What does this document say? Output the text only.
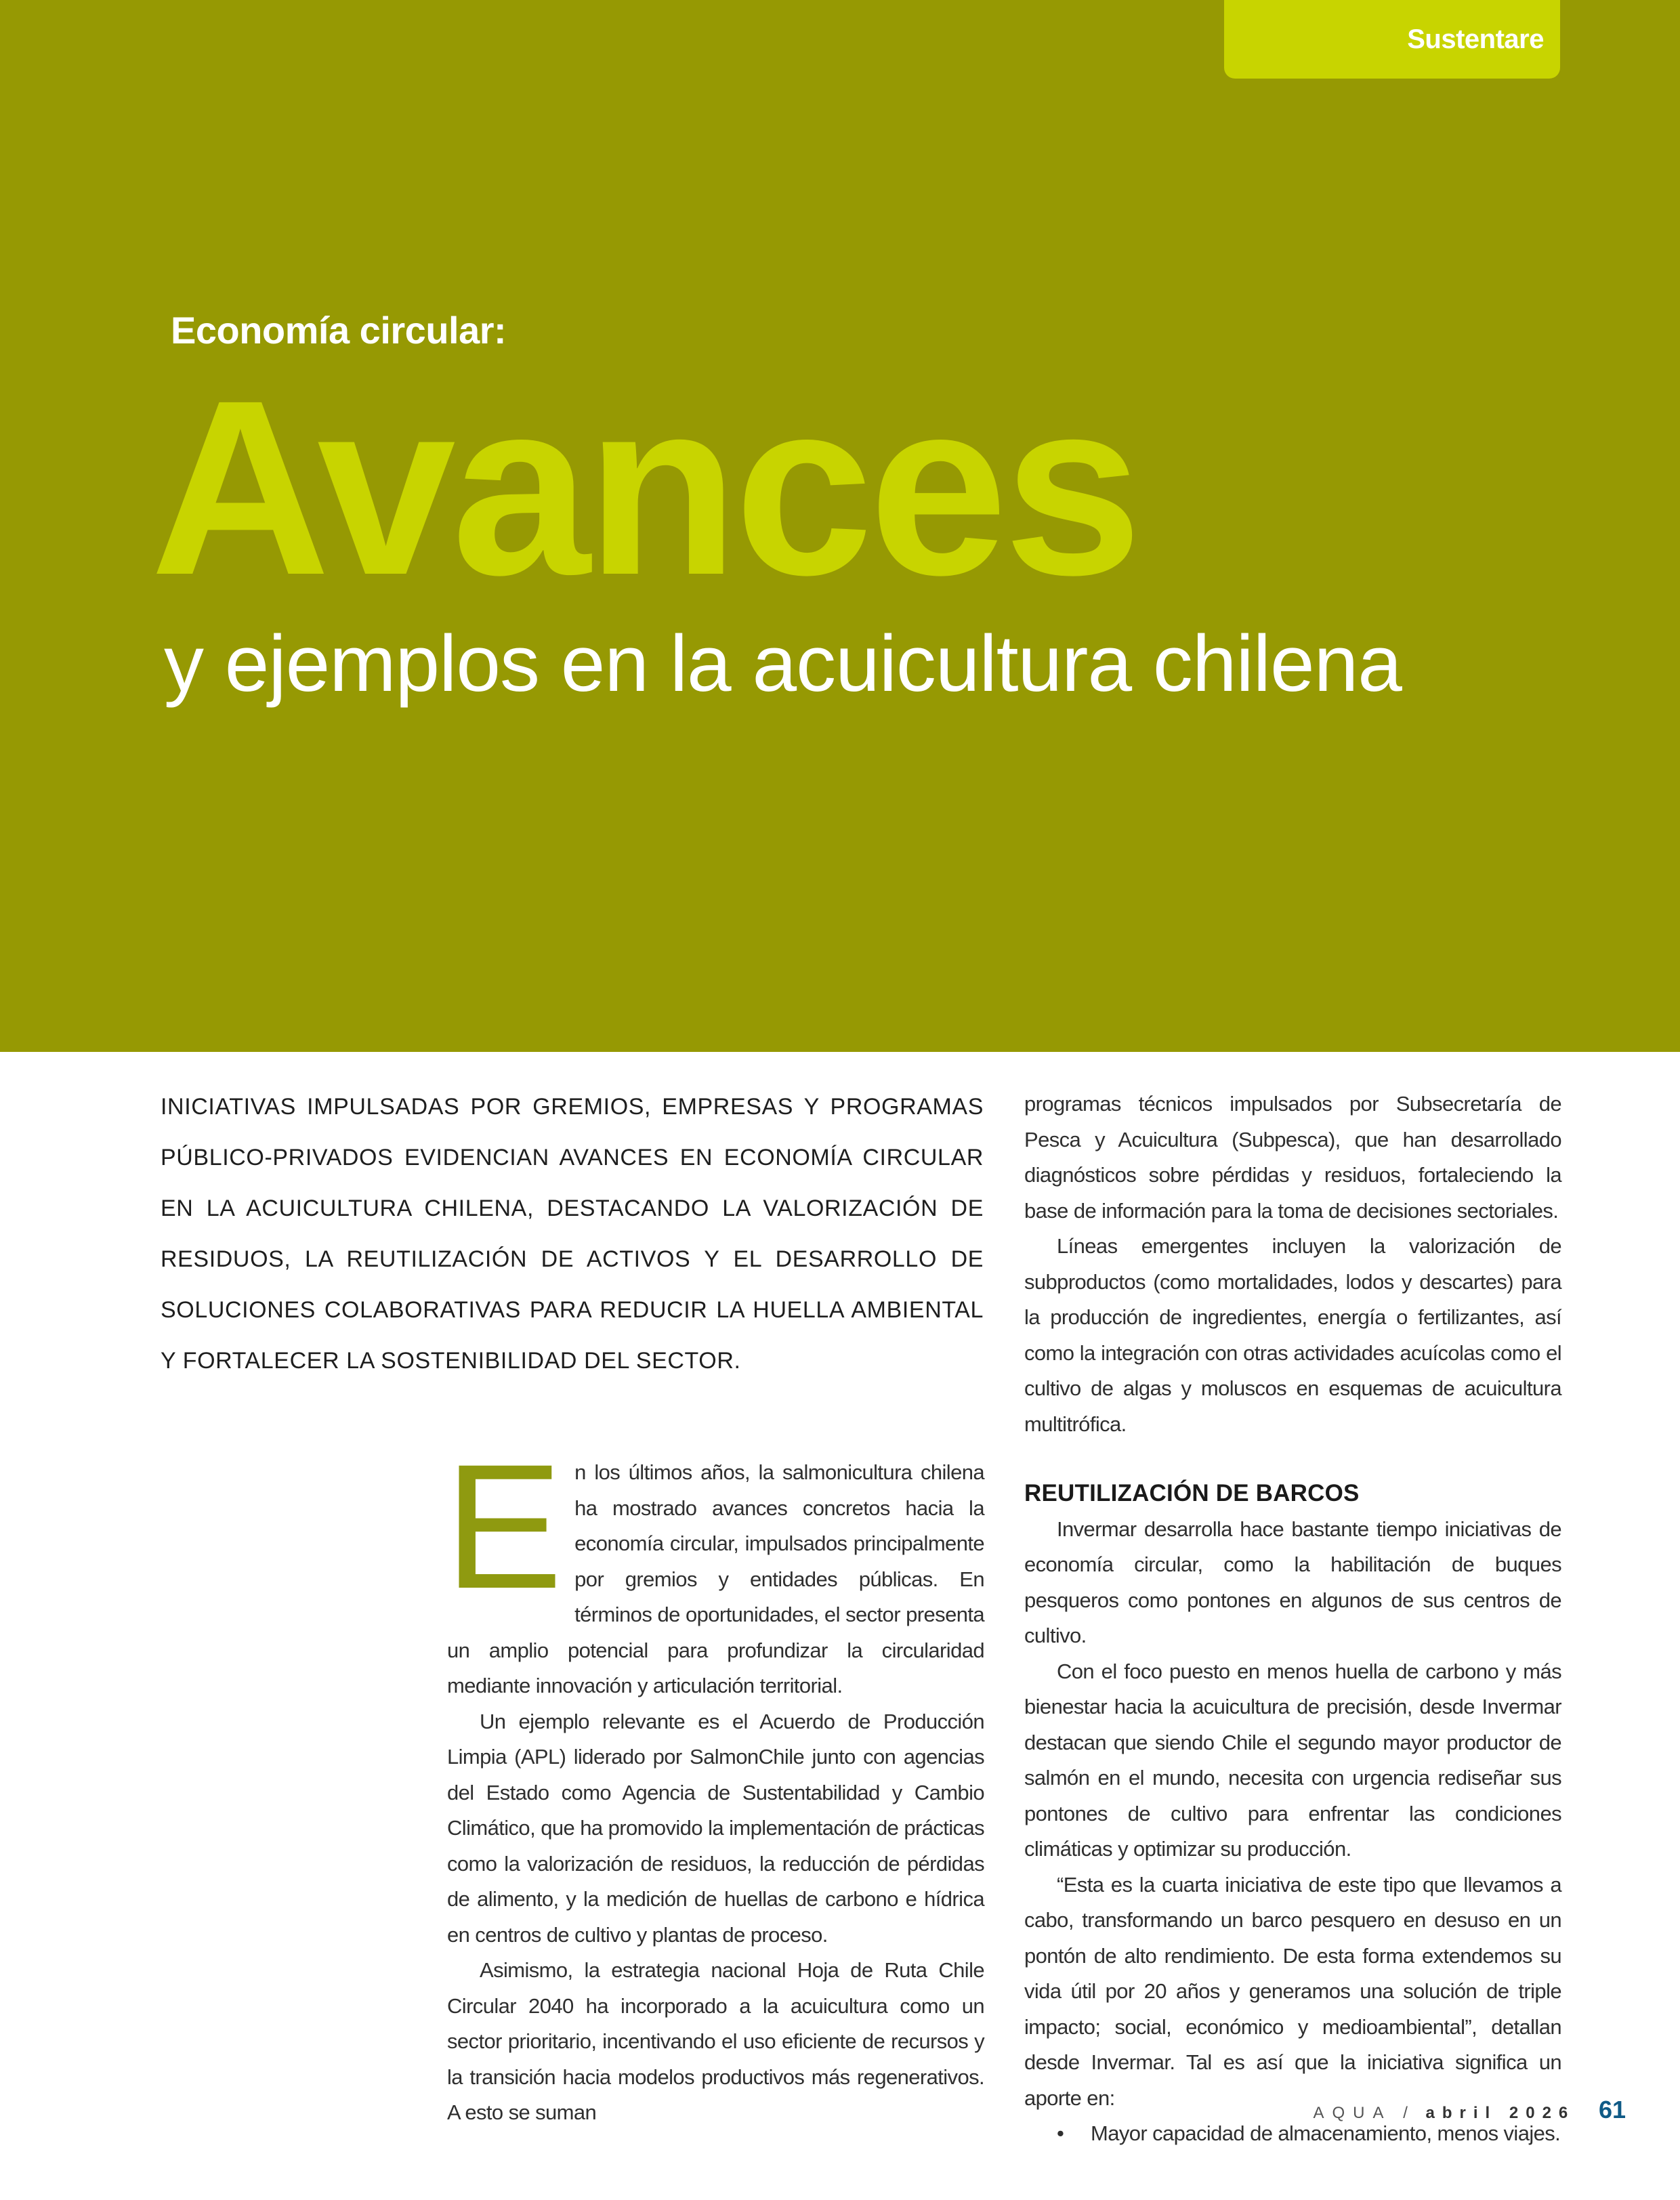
Sustentare
Economía circular:
Avances
y ejemplos en la acuicultura chilena
INICIATIVAS IMPULSADAS POR GREMIOS, EMPRESAS Y PROGRAMAS PÚBLICO-PRIVADOS EVIDENCIAN AVANCES EN ECONOMÍA CIRCULAR EN LA ACUICULTURA CHILENA, DESTACANDO LA VALORIZACIÓN DE RESIDUOS, LA REUTILIZACIÓN DE ACTIVOS Y EL DESARROLLO DE SOLUCIONES COLABORATIVAS PARA REDUCIR LA HUELLA AMBIENTAL Y FORTALECER LA SOSTENIBILIDAD DEL SECTOR.

En los últimos años, la salmonicultura chilena ha mostrado avances concretos hacia la economía circular, impulsados principalmente por gremios y entidades públicas. En términos de oportunidades, el sector presenta un amplio potencial para profundizar la circularidad mediante innovación y articulación territorial.

Un ejemplo relevante es el Acuerdo de Producción Limpia (APL) liderado por SalmonChile junto con agencias del Estado como Agencia de Sustentabilidad y Cambio Climático, que ha promovido la implementación de prácticas como la valorización de residuos, la reducción de pérdidas de alimento, y la medición de huellas de carbono e hídrica en centros de cultivo y plantas de proceso.

Asimismo, la estrategia nacional Hoja de Ruta Chile Circular 2040 ha incorporado a la acuicultura como un sector prioritario, incentivando el uso eficiente de recursos y la transición hacia modelos productivos más regenerativos. A esto se suman

programas técnicos impulsados por Subsecretaría de Pesca y Acuicultura (Subpesca), que han desarrollado diagnósticos sobre pérdidas y residuos, fortaleciendo la base de información para la toma de decisiones sectoriales.

Líneas emergentes incluyen la valorización de subproductos (como mortalidades, lodos y descartes) para la producción de ingredientes, energía o fertilizantes, así como la integración con otras actividades acuícolas como el cultivo de algas y moluscos en esquemas de acuicultura multitrófica.

REUTILIZACIÓN DE BARCOS

Invermar desarrolla hace bastante tiempo iniciativas de economía circular, como la habilitación de buques pesqueros como pontones en algunos de sus centros de cultivo.

Con el foco puesto en menos huella de carbono y más bienestar hacia la acuicultura de precisión, desde Invermar destacan que siendo Chile el segundo mayor productor de salmón en el mundo, necesita con urgencia rediseñar sus pontones de cultivo para enfrentar las condiciones climáticas y optimizar su producción.

“Esta es la cuarta iniciativa de este tipo que llevamos a cabo, transformando un barco pesquero en desuso en un pontón de alto rendimiento. De esta forma extendemos su vida útil por 20 años y generamos una solución de triple impacto; social, económico y medioambiental”, detallan desde Invermar. Tal es así que la iniciativa significa un aporte en:

•	Mayor capacidad de almacenamiento, menos viajes.

AQUA / abril 2026 61
